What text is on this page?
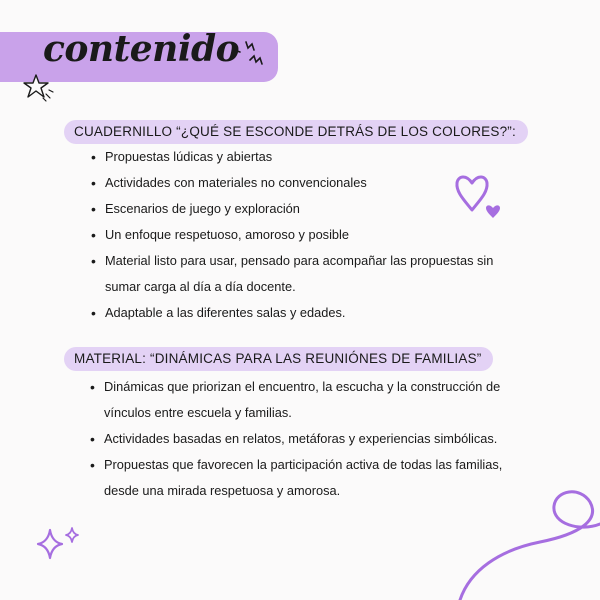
contenido
CUADERNILLO “¿QUÉ SE ESCONDE DETRÁS DE LOS COLORES?”:
• Propuestas lúdicas y abiertas
• Actividades con materiales no convencionales
• Escenarios de juego y exploración
• Un enfoque respetuoso, amoroso y posible
• Material listo para usar, pensado para acompañar las propuestas sin sumar carga al día a día docente.
• Adaptable a las diferentes salas y edades.
MATERIAL: “DINÁMICAS PARA LAS REUNIÓNES DE FAMILIAS”
• Dinámicas que priorizan el encuentro, la escucha y la construcción de vínculos entre escuela y familias.
• Actividades basadas en relatos, metáforas y experiencias simbólicas.
• Propuestas que favorecen la participación activa de todas las familias, desde una mirada respetuosa y amorosa.
